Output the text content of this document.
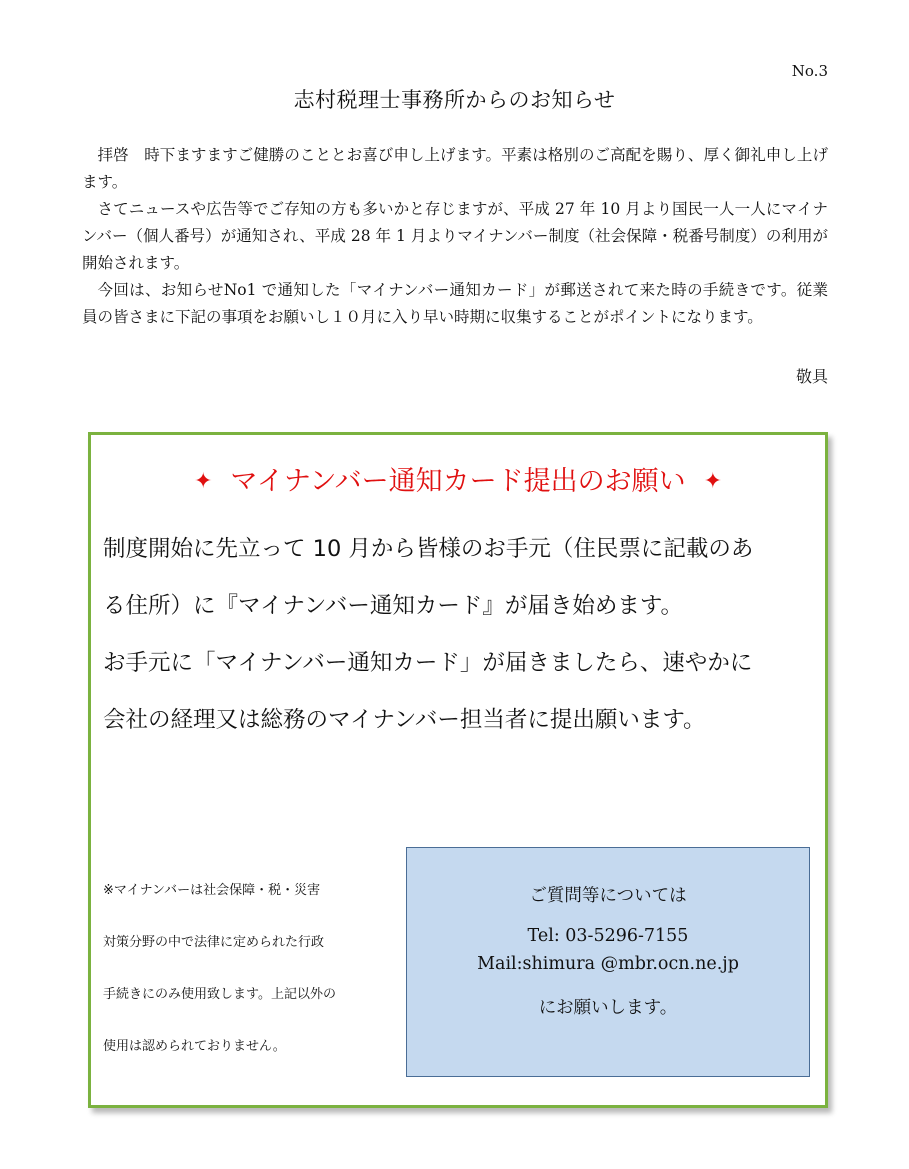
No.3
志村税理士事務所からのお知らせ

拝啓　時下ますますご健勝のこととお喜び申し上げます。平素は格別のご高配を賜り、厚く御礼申し上げます。

さてニュースや広告等でご存知の方も多いかと存じますが、平成 27 年 10 月より国民一人一人にマイナンバー（個人番号）が通知され、平成 28 年 1 月よりマイナンバー制度（社会保障・税番号制度）の利用が開始されます。

今回は、お知らせNo1 で通知した「マイナンバー通知カード」が郵送されて来た時の手続きです。従業員の皆さまに下記の事項をお願いし１０月に入り早い時期に収集することがポイントになります。

敬具
✦ マイナンバー通知カード提出のお願い ✦
制度開始に先立って 10 月から皆様のお手元（住民票に記載のあ
る住所）に『マイナンバー通知カード』が届き始めます。
お手元に「マイナンバー通知カード」が届きましたら、速やかに
会社の経理又は総務のマイナンバー担当者に提出願います。
※マイナンバーは社会保障・税・災害
対策分野の中で法律に定められた行政
手続きにのみ使用致します。上記以外の
使用は認められておりません。
ご質問等については
Tel: 03-5296-7155
Mail:shimura @mbr.ocn.ne.jp
にお願いします。
